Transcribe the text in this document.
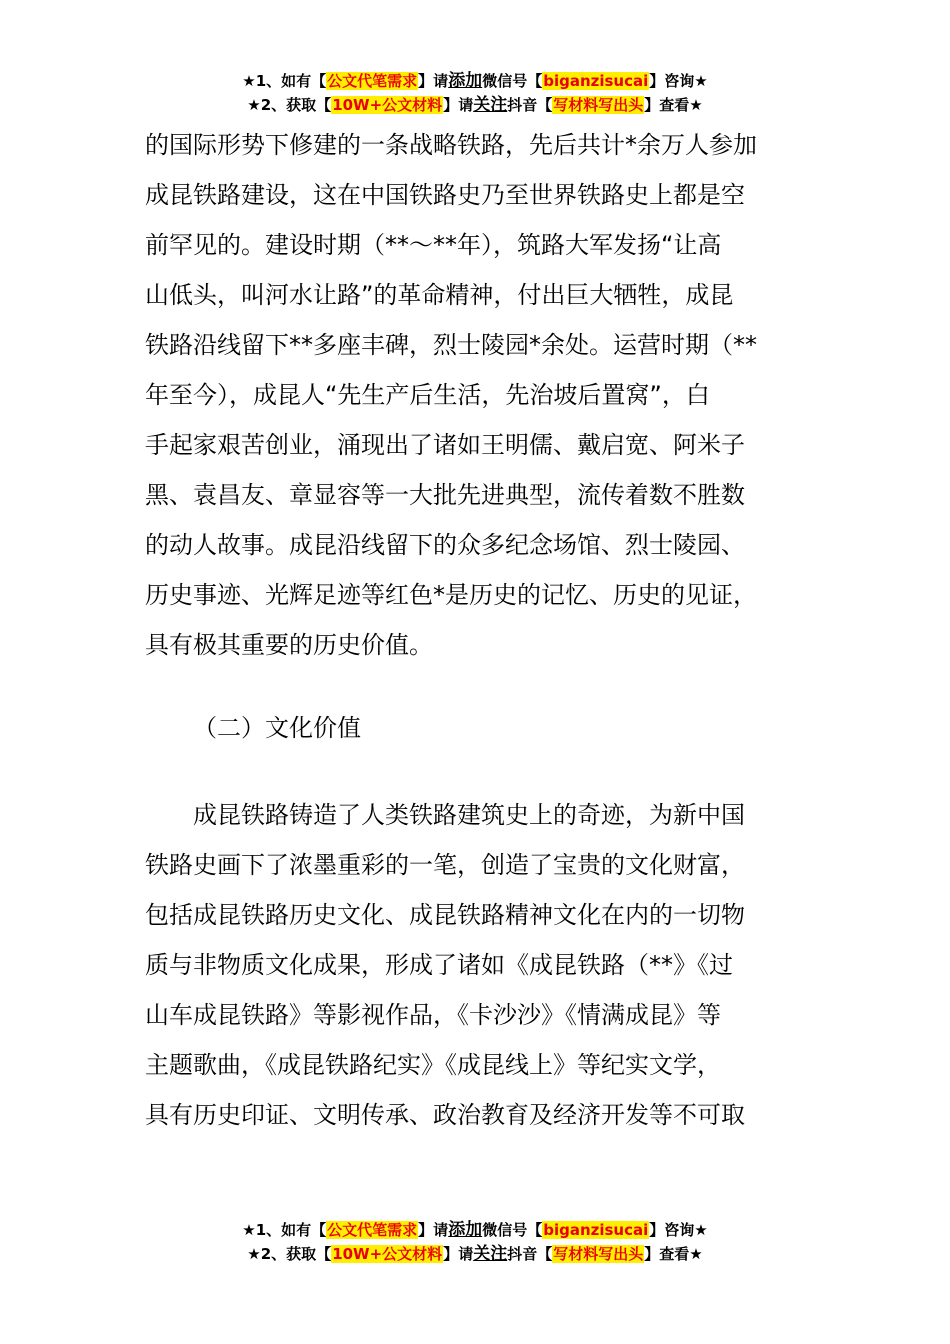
★1、如有【公文代笔需求】请添加微信号【biganzisucai】咨询★
★2、获取【10W+公文材料】请关注抖音【写材料写出头】查看★
的国际形势下修建的一条战略铁路，先后共计*余万人参加
成昆铁路建设，这在中国铁路史乃至世界铁路史上都是空
前罕见的。建设时期（**～**年），筑路大军发扬“让高
山低头，叫河水让路”的革命精神，付出巨大牺牲，成昆
铁路沿线留下**多座丰碑，烈士陵园*余处。运营时期（**
年至今），成昆人“先生产后生活，先治坡后置窝”，白
手起家艰苦创业，涌现出了诸如王明儒、戴启宽、阿米子
黑、袁昌友、章显容等一大批先进典型，流传着数不胜数
的动人故事。成昆沿线留下的众多纪念场馆、烈士陵园、
历史事迹、光辉足迹等红色*是历史的记忆、历史的见证，
具有极其重要的历史价值。
（二）文化价值
成昆铁路铸造了人类铁路建筑史上的奇迹，为新中国
铁路史画下了浓墨重彩的一笔，创造了宝贵的文化财富，
包括成昆铁路历史文化、成昆铁路精神文化在内的一切物
质与非物质文化成果，形成了诸如《成昆铁路（**》《过
山车成昆铁路》等影视作品，《卡沙沙》《情满成昆》等
主题歌曲，《成昆铁路纪实》《成昆线上》等纪实文学，
具有历史印证、文明传承、政治教育及经济开发等不可取
★1、如有【公文代笔需求】请添加微信号【biganzisucai】咨询★
★2、获取【10W+公文材料】请关注抖音【写材料写出头】查看★
